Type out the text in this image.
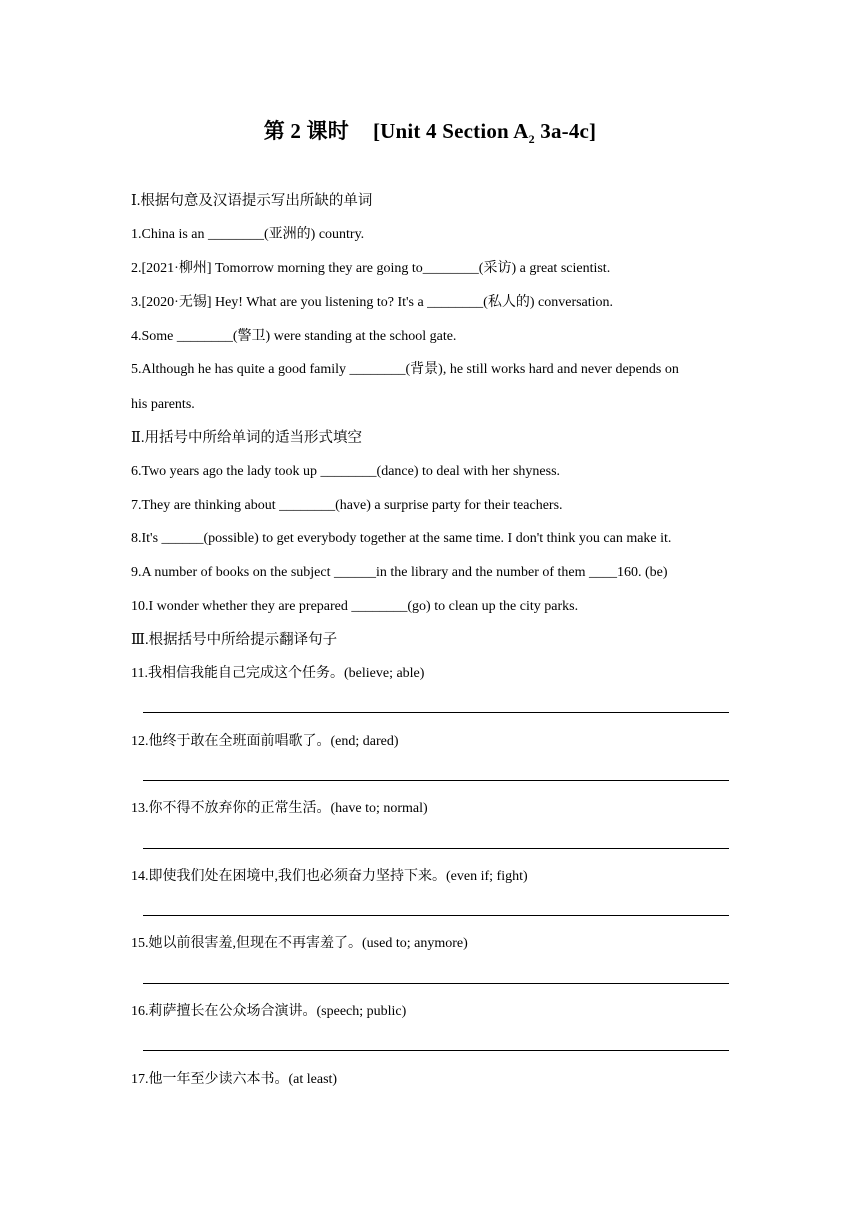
第 2 课时 [Unit 4 Section $A_2$ 3a-4c]
Ⅰ.根据句意及汉语提示写出所缺的单词
1.China is an ________(亚洲的) country.
2.[2021·柳州] Tomorrow morning they are going to________(采访) a great scientist.
3.[2020·无锡] Hey! What are you listening to? It's a ________(私人的) conversation.
4.Some ________(警卫) were standing at the school gate.
5.Although he has quite a good family ________(背景), he still works hard and never depends on
his parents.
Ⅱ.用括号中所给单词的适当形式填空
6.Two years ago the lady took up ________(dance) to deal with her shyness.
7.They are thinking about ________(have) a surprise party for their teachers.
8.It's ______(possible) to get everybody together at the same time. I don't think you can make it.
9.A number of books on the subject ______in the library and the number of them ____160. (be)
10.I wonder whether they are prepared ________(go) to clean up the city parks.
Ⅲ.根据括号中所给提示翻译句子
11.我相信我能自己完成这个任务。(believe; able)
12.他终于敢在全班面前唱歌了。(end; dared)
13.你不得不放弃你的正常生活。(have to; normal)
14.即使我们处在困境中,我们也必须奋力坚持下来。(even if; fight)
15.她以前很害羞,但现在不再害羞了。(used to; anymore)
16.莉萨擅长在公众场合演讲。(speech; public)
17.他一年至少读六本书。(at least)
